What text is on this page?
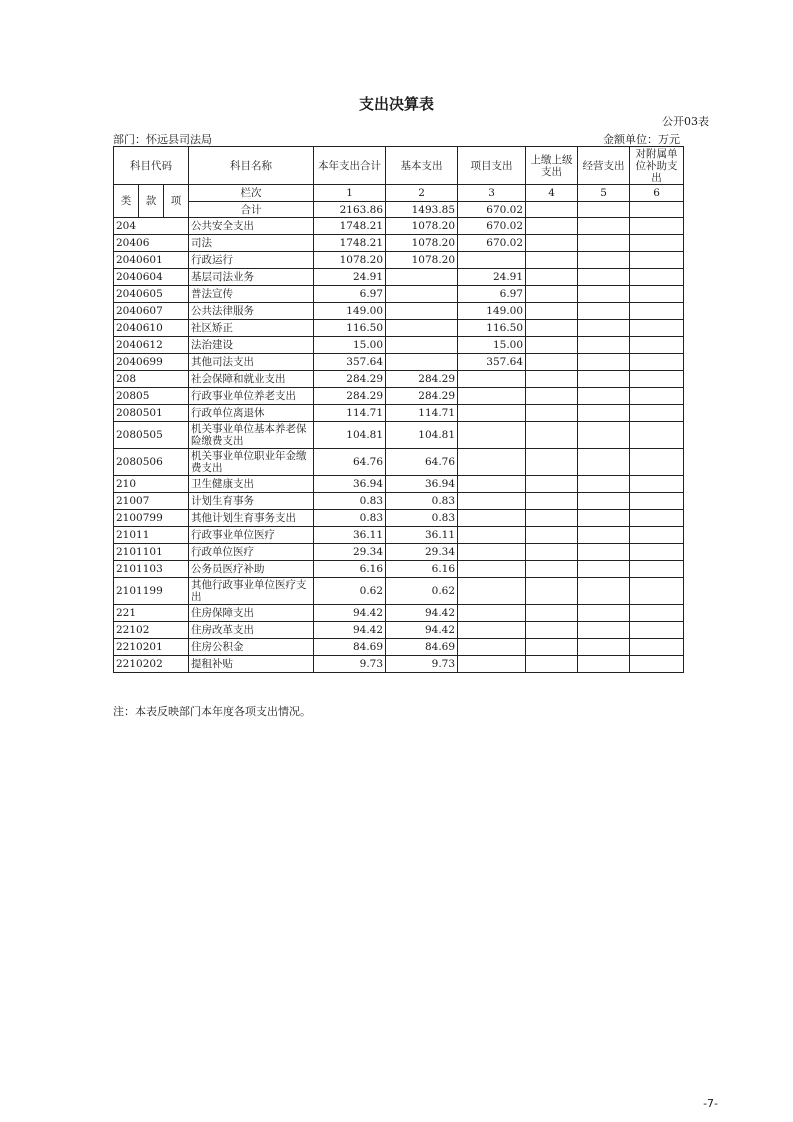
支出决算表
公开03表
部门：怀远县司法局	金额单位：万元
科目代码			科目名称	本年支出合计	基本支出	项目支出	上缴上级支出	经营支出	对附属单位补助支出
类	款	项	栏次	1	2	3	4	5	6
			合计	2163.86	1493.85	670.02			
204			公共安全支出	1748.21	1078.20	670.02			
20406			司法	1748.21	1078.20	670.02			
2040601			行政运行	1078.20	1078.20				
2040604			基层司法业务	24.91		24.91			
2040605			普法宣传	6.97		6.97			
2040607			公共法律服务	149.00		149.00			
2040610			社区矫正	116.50		116.50			
2040612			法治建设	15.00		15.00			
2040699			其他司法支出	357.64		357.64			
208			社会保障和就业支出	284.29	284.29				
20805			行政事业单位养老支出	284.29	284.29				
2080501			行政单位离退休	114.71	114.71				
2080505			机关事业单位基本养老保险缴费支出	104.81	104.81				
2080506			机关事业单位职业年金缴费支出	64.76	64.76				
210			卫生健康支出	36.94	36.94				
21007			计划生育事务	0.83	0.83				
2100799			其他计划生育事务支出	0.83	0.83				
21011			行政事业单位医疗	36.11	36.11				
2101101			行政单位医疗	29.34	29.34				
2101103			公务员医疗补助	6.16	6.16				
2101199			其他行政事业单位医疗支出	0.62	0.62				
221			住房保障支出	94.42	94.42				
22102			住房改革支出	94.42	94.42				
2210201			住房公积金	84.69	84.69				
2210202			提租补贴	9.73	9.73				
注：本表反映部门本年度各项支出情况。
-7-
